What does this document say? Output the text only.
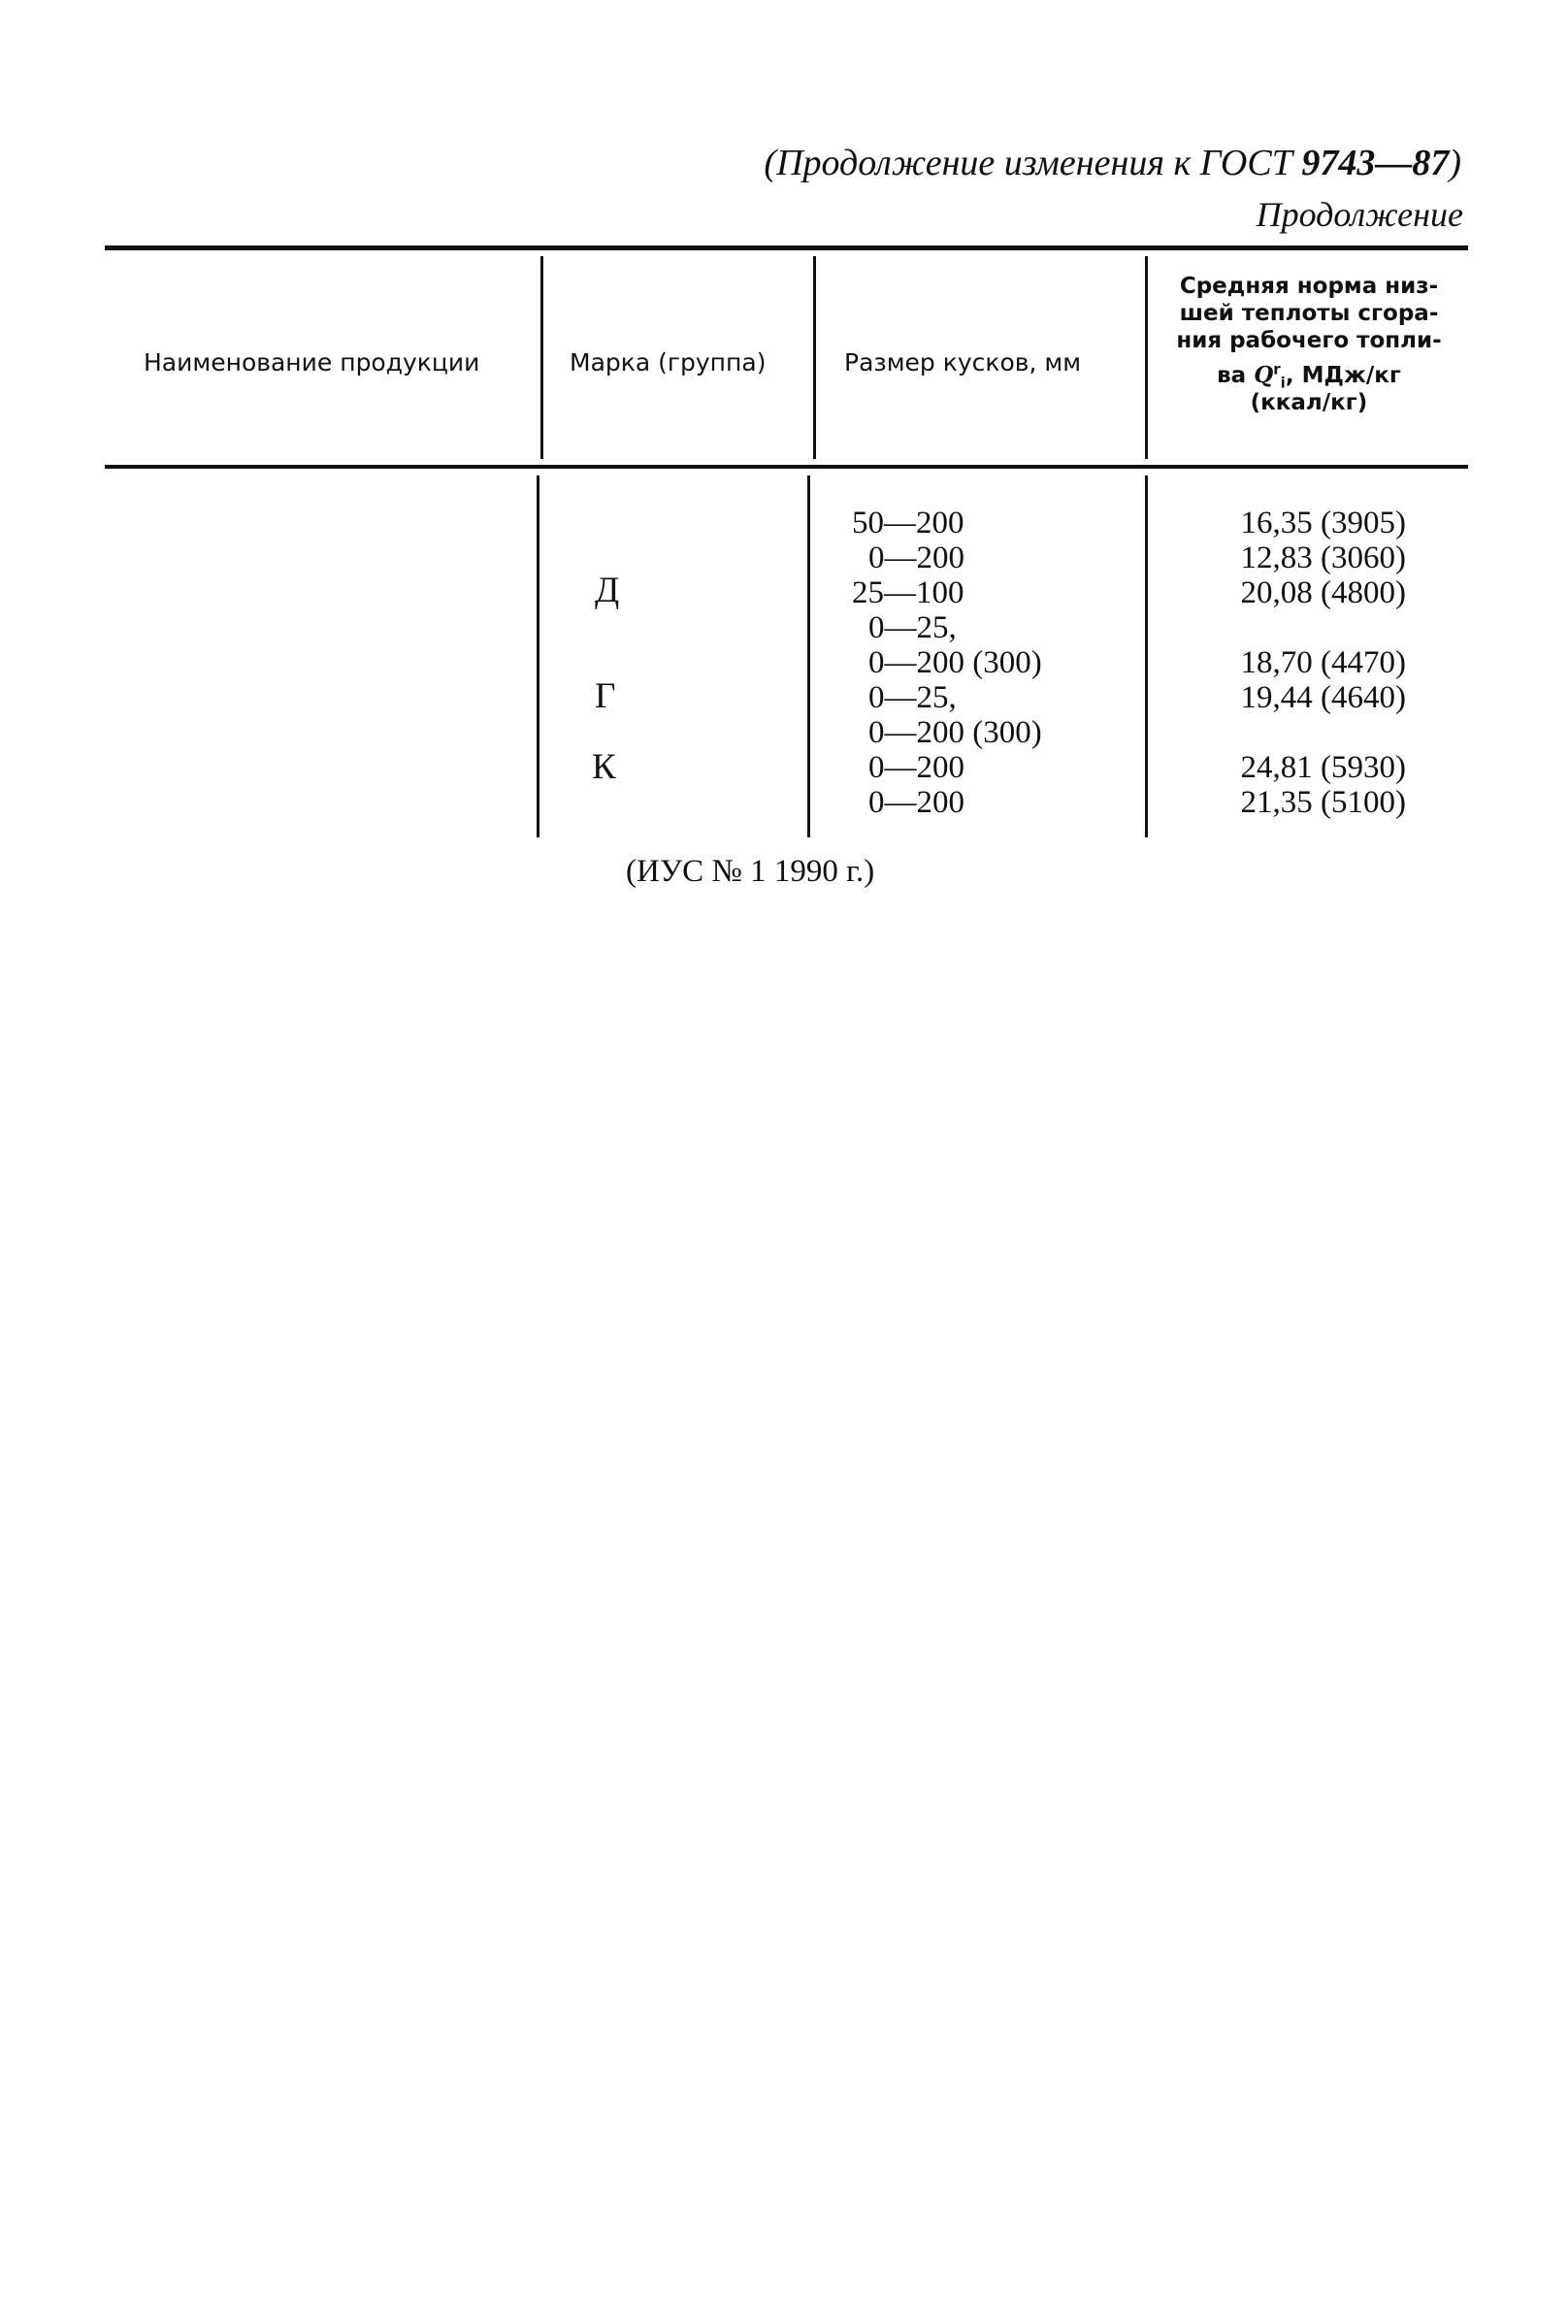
(Продолжение изменения к ГОСТ 9743—87)
Продолжение
Наименование продукции	Марка (группа)	Размер кусков, мм
Средняя норма низ-
шей теплоты сгора-
ния рабочего топли-
ва $Q^r_i$, МДж/кг
(ккал/кг)
Д
Г
К
50—200
0—200
25—100
0—25,
0—200 (300)
0—25,
0—200 (300)
0—200
0—200
16,35 (3905)
12,83 (3060)
20,08 (4800)
18,70 (4470)
19,44 (4640)
24,81 (5930)
21,35 (5100)
(ИУС № 1 1990 г.)
